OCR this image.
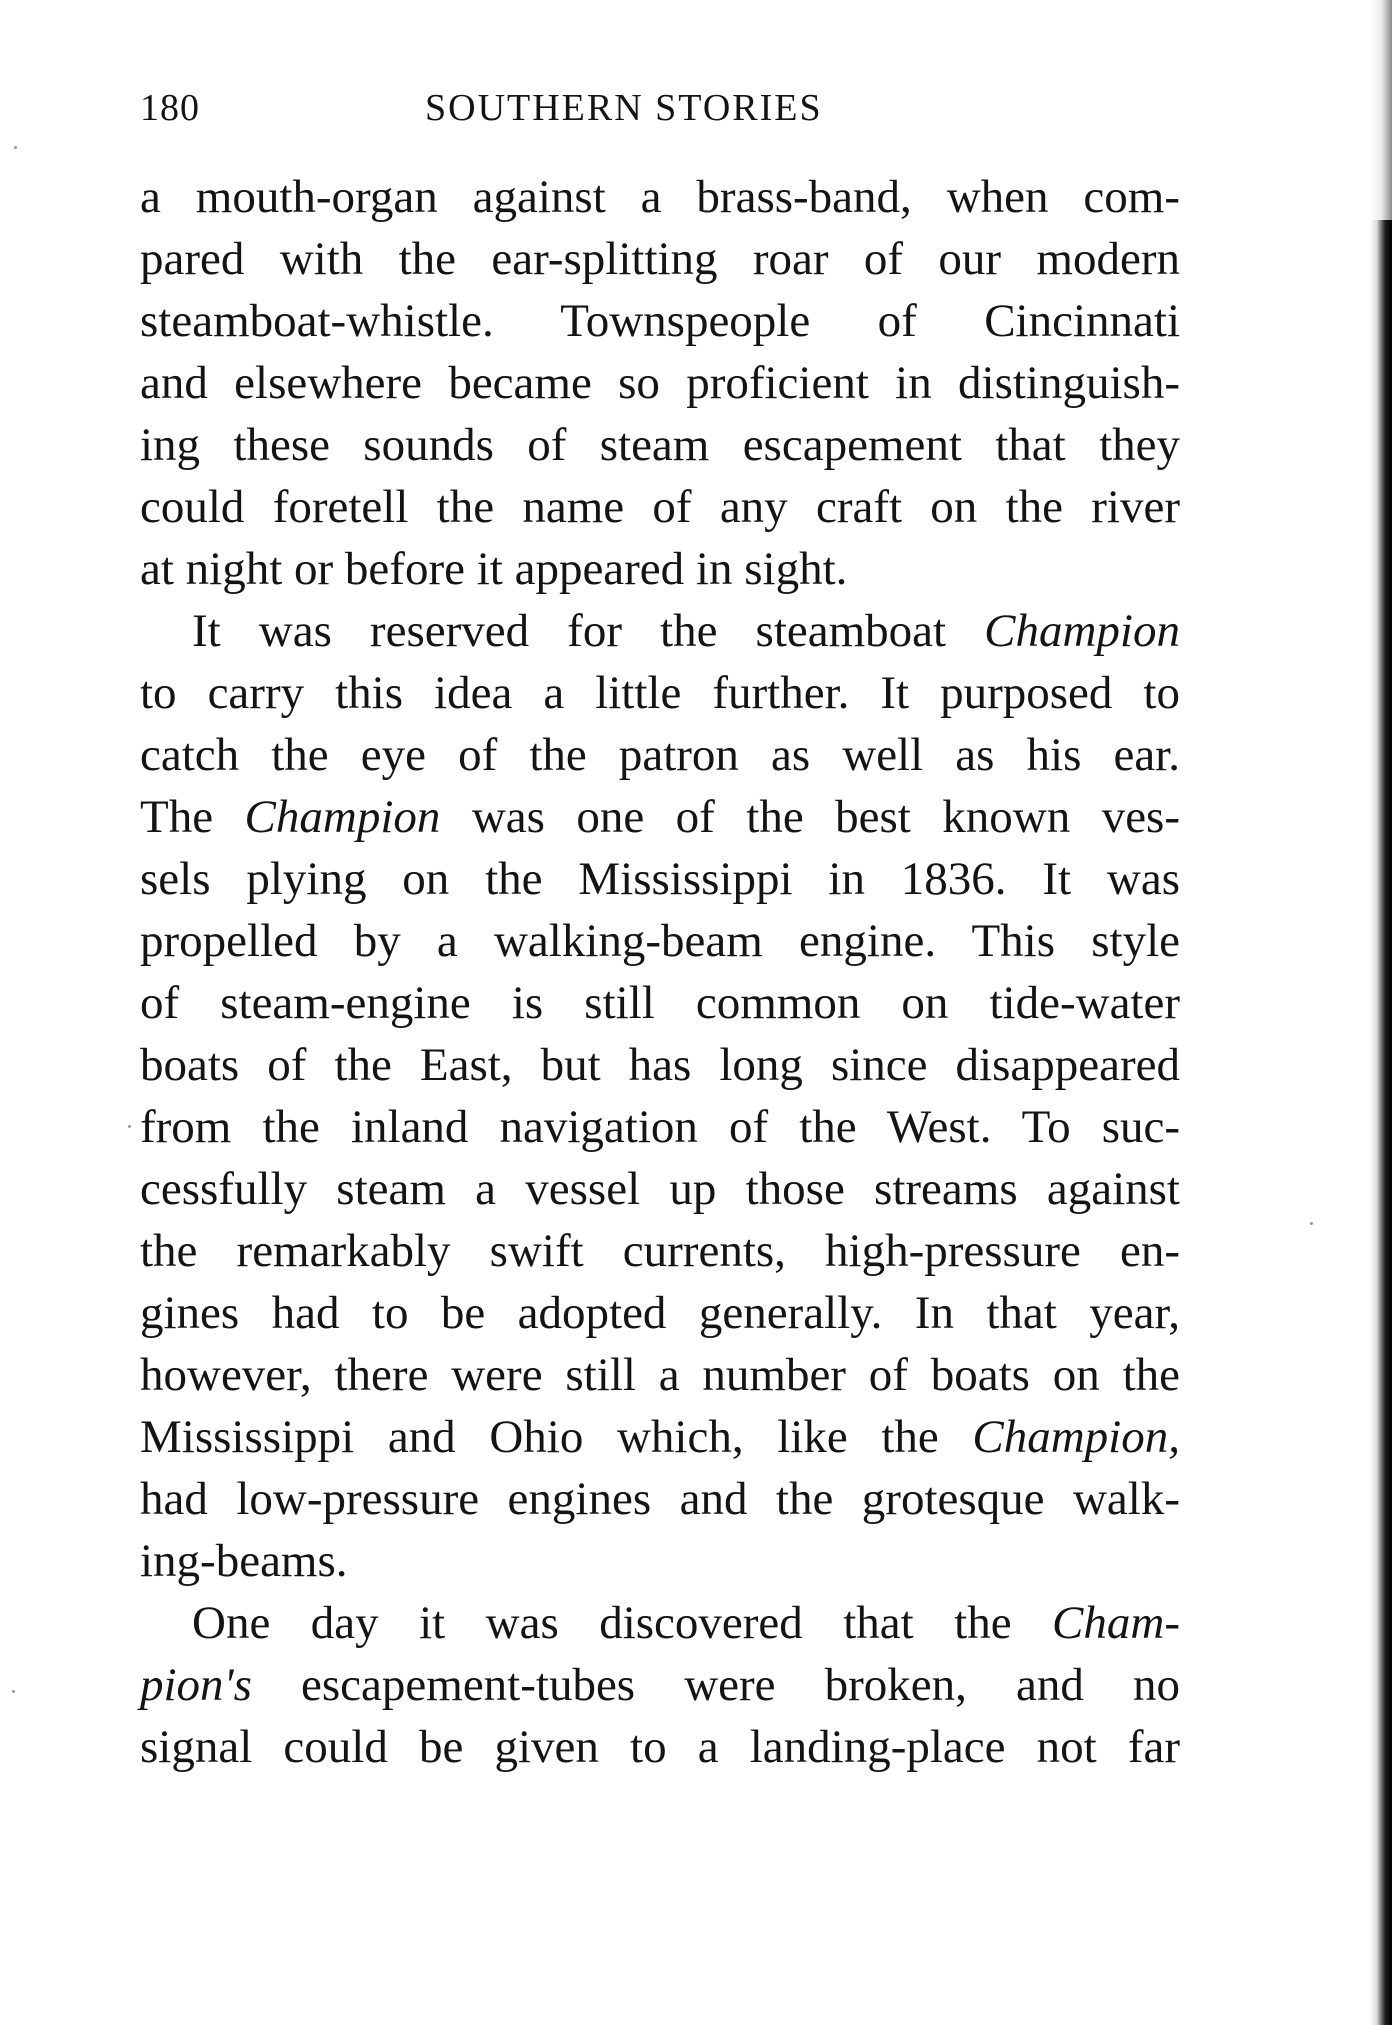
180	SOUTHERN STORIES
a mouth-organ against a brass-band, when com-
pared with the ear-splitting roar of our modern
steamboat-whistle. Townspeople of Cincinnati
and elsewhere became so proficient in distinguish-
ing these sounds of steam escapement that they
could foretell the name of any craft on the river
at night or before it appeared in sight.
It was reserved for the steamboat Champion
to carry this idea a little further. It purposed to
catch the eye of the patron as well as his ear.
The Champion was one of the best known ves-
sels plying on the Mississippi in 1836. It was
propelled by a walking-beam engine. This style
of steam-engine is still common on tide-water
boats of the East, but has long since disappeared
from the inland navigation of the West. To suc-
cessfully steam a vessel up those streams against
the remarkably swift currents, high-pressure en-
gines had to be adopted generally. In that year,
however, there were still a number of boats on the
Mississippi and Ohio which, like the Champion,
had low-pressure engines and the grotesque walk-
ing-beams.
One day it was discovered that the Cham-
pion's escapement-tubes were broken, and no
signal could be given to a landing-place not far
